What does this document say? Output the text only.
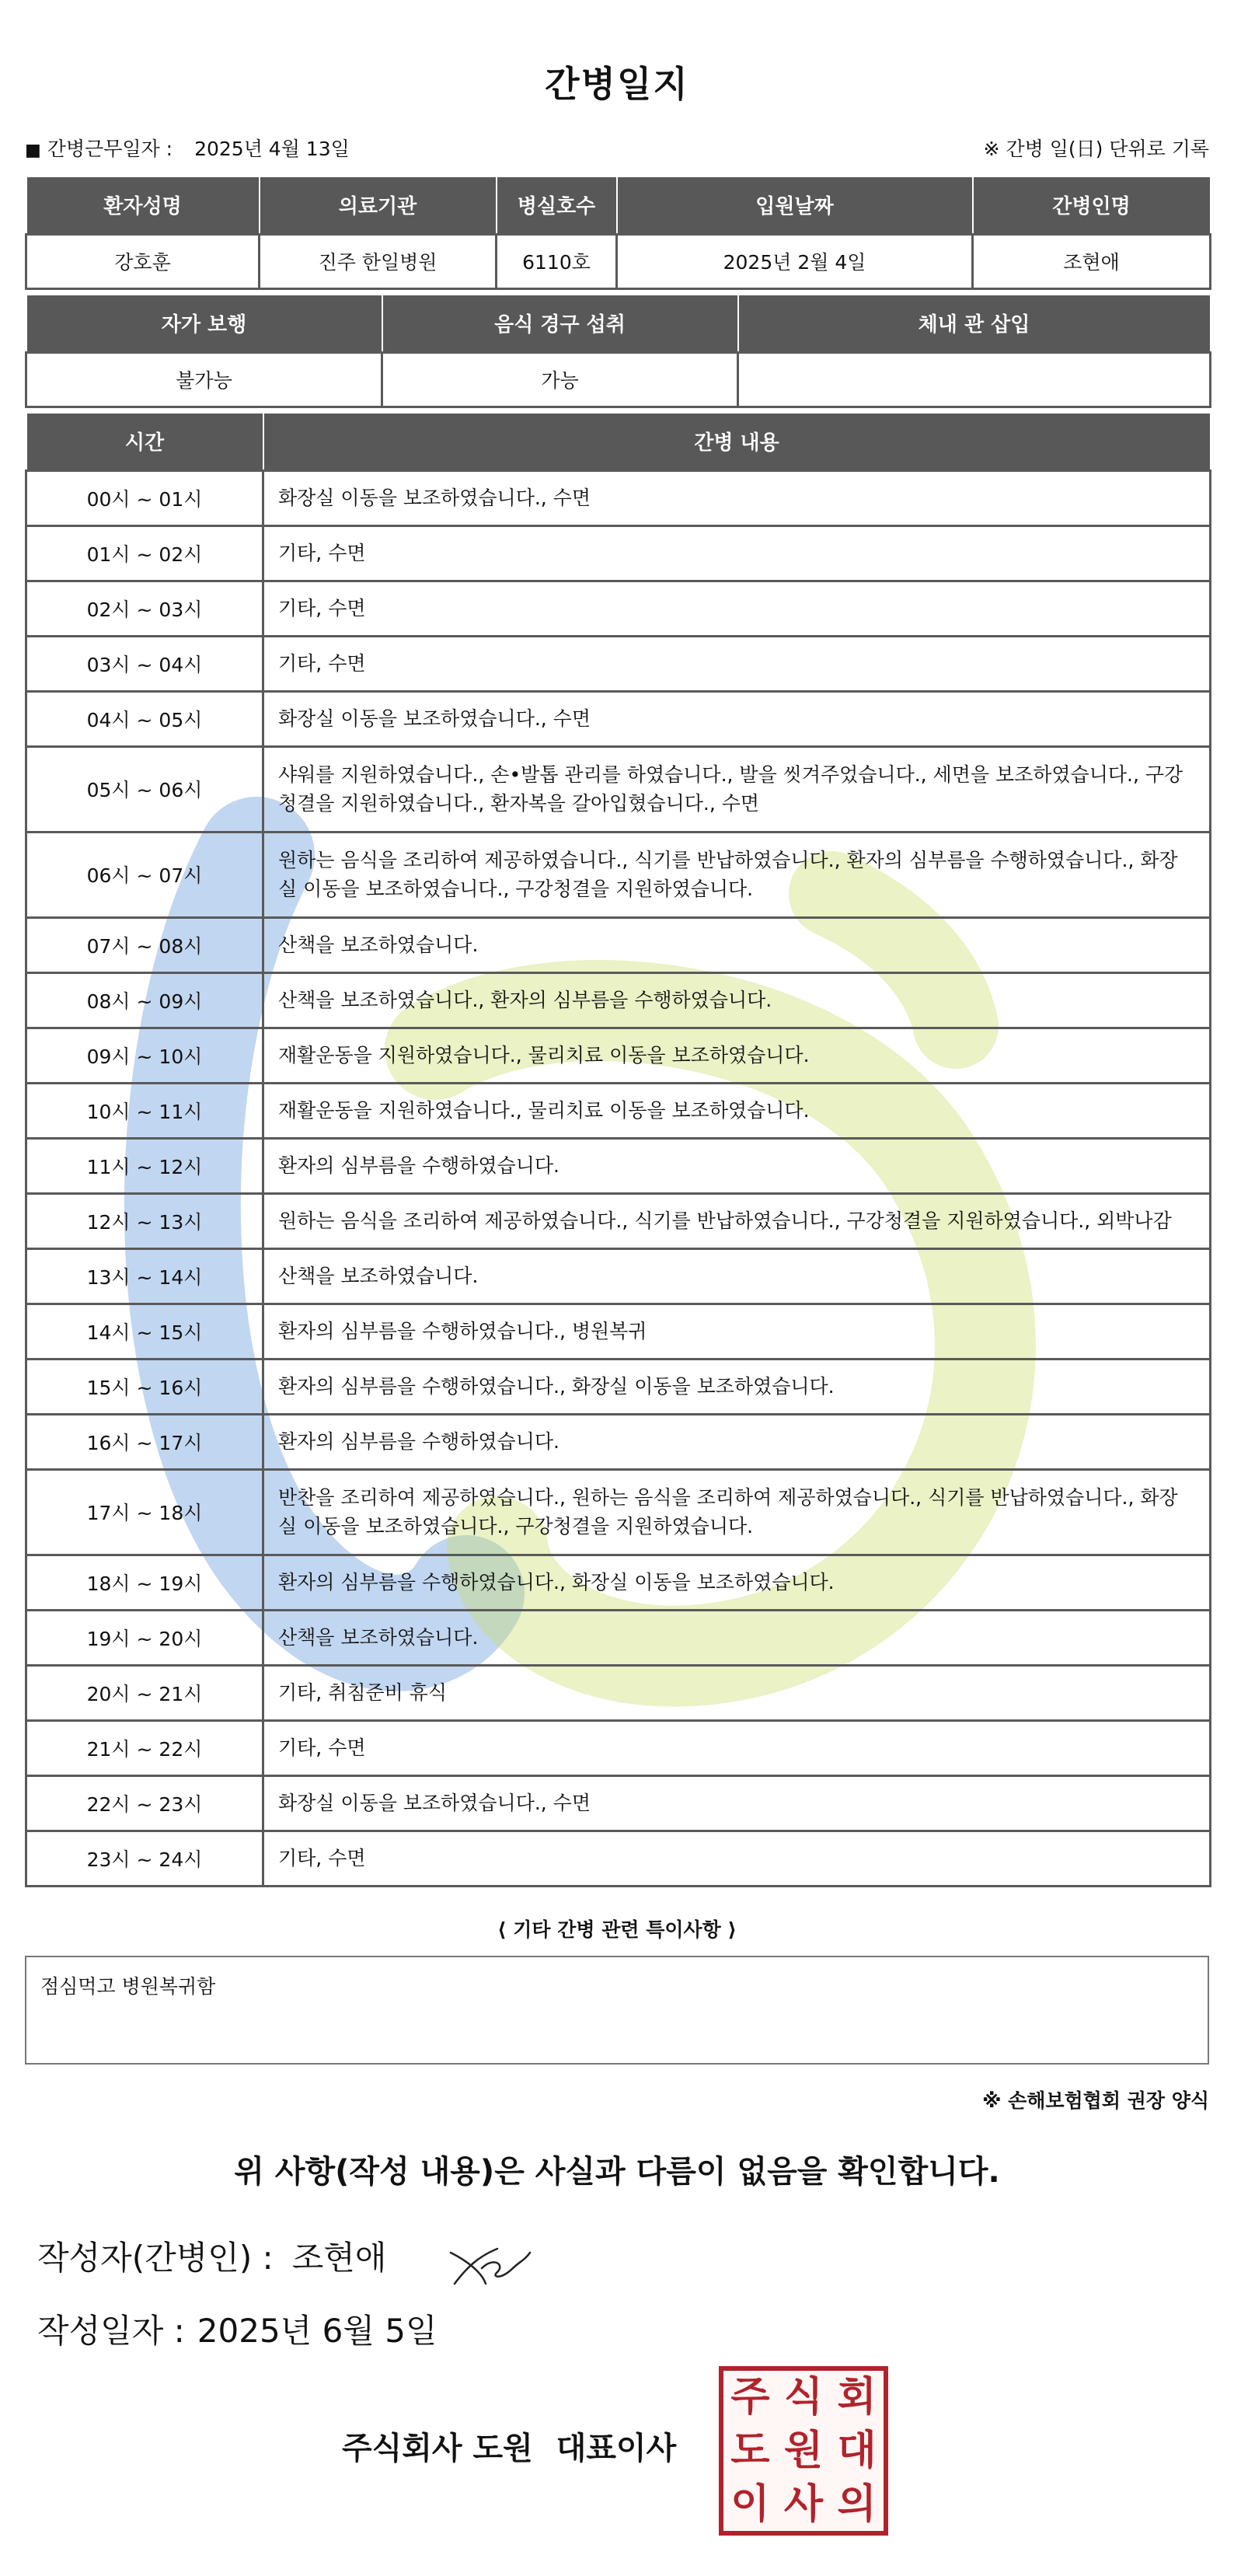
간병일지
■ 간병근무일자 : 2025년 4월 13일	※ 간병 일(日) 단위로 기록
환자성명	의료기관	병실호수	입원날짜	간병인명
강호훈	진주 한일병원	6110호	2025년 2월 4일	조현애
자가 보행	음식 경구 섭취	체내 관 삽입
불가능	가능	
시간	간병 내용
00시 ~ 01시	화장실 이동을 보조하였습니다., 수면
01시 ~ 02시	기타, 수면
02시 ~ 03시	기타, 수면
03시 ~ 04시	기타, 수면
04시 ~ 05시	화장실 이동을 보조하였습니다., 수면
05시 ~ 06시	샤워를 지원하였습니다., 손•발톱 관리를 하였습니다., 발을 씻겨주었습니다., 세면을 보조하였습니다., 구강청결을 지원하였습니다., 환자복을 갈아입혔습니다., 수면
06시 ~ 07시	원하는 음식을 조리하여 제공하였습니다., 식기를 반납하였습니다., 환자의 심부름을 수행하였습니다., 화장실 이동을 보조하였습니다., 구강청결을 지원하였습니다.
07시 ~ 08시	산책을 보조하였습니다.
08시 ~ 09시	산책을 보조하였습니다., 환자의 심부름을 수행하였습니다.
09시 ~ 10시	재활운동을 지원하였습니다., 물리치료 이동을 보조하였습니다.
10시 ~ 11시	재활운동을 지원하였습니다., 물리치료 이동을 보조하였습니다.
11시 ~ 12시	환자의 심부름을 수행하였습니다.
12시 ~ 13시	원하는 음식을 조리하여 제공하였습니다., 식기를 반납하였습니다., 구강청결을 지원하였습니다., 외박나감
13시 ~ 14시	산책을 보조하였습니다.
14시 ~ 15시	환자의 심부름을 수행하였습니다., 병원복귀
15시 ~ 16시	환자의 심부름을 수행하였습니다., 화장실 이동을 보조하였습니다.
16시 ~ 17시	환자의 심부름을 수행하였습니다.
17시 ~ 18시	반찬을 조리하여 제공하였습니다., 원하는 음식을 조리하여 제공하였습니다., 식기를 반납하였습니다., 화장실 이동을 보조하였습니다., 구강청결을 지원하였습니다.
18시 ~ 19시	환자의 심부름을 수행하였습니다., 화장실 이동을 보조하였습니다.
19시 ~ 20시	산책을 보조하였습니다.
20시 ~ 21시	기타, 취침준비 휴식
21시 ~ 22시	기타, 수면
22시 ~ 23시	화장실 이동을 보조하였습니다., 수면
23시 ~ 24시	기타, 수면
⟨ 기타 간병 관련 특이사항 ⟩
점심먹고 병원복귀함
※ 손해보험협회 권장 양식
위 사항(작성 내용)은 사실과 다름이 없음을 확인합니다.
작성자(간병인) : 조현애
작성일자 : 2025년 6월 5일
주식회사 도원 대표이사
주 식 회
도 원 대
이 사 의
